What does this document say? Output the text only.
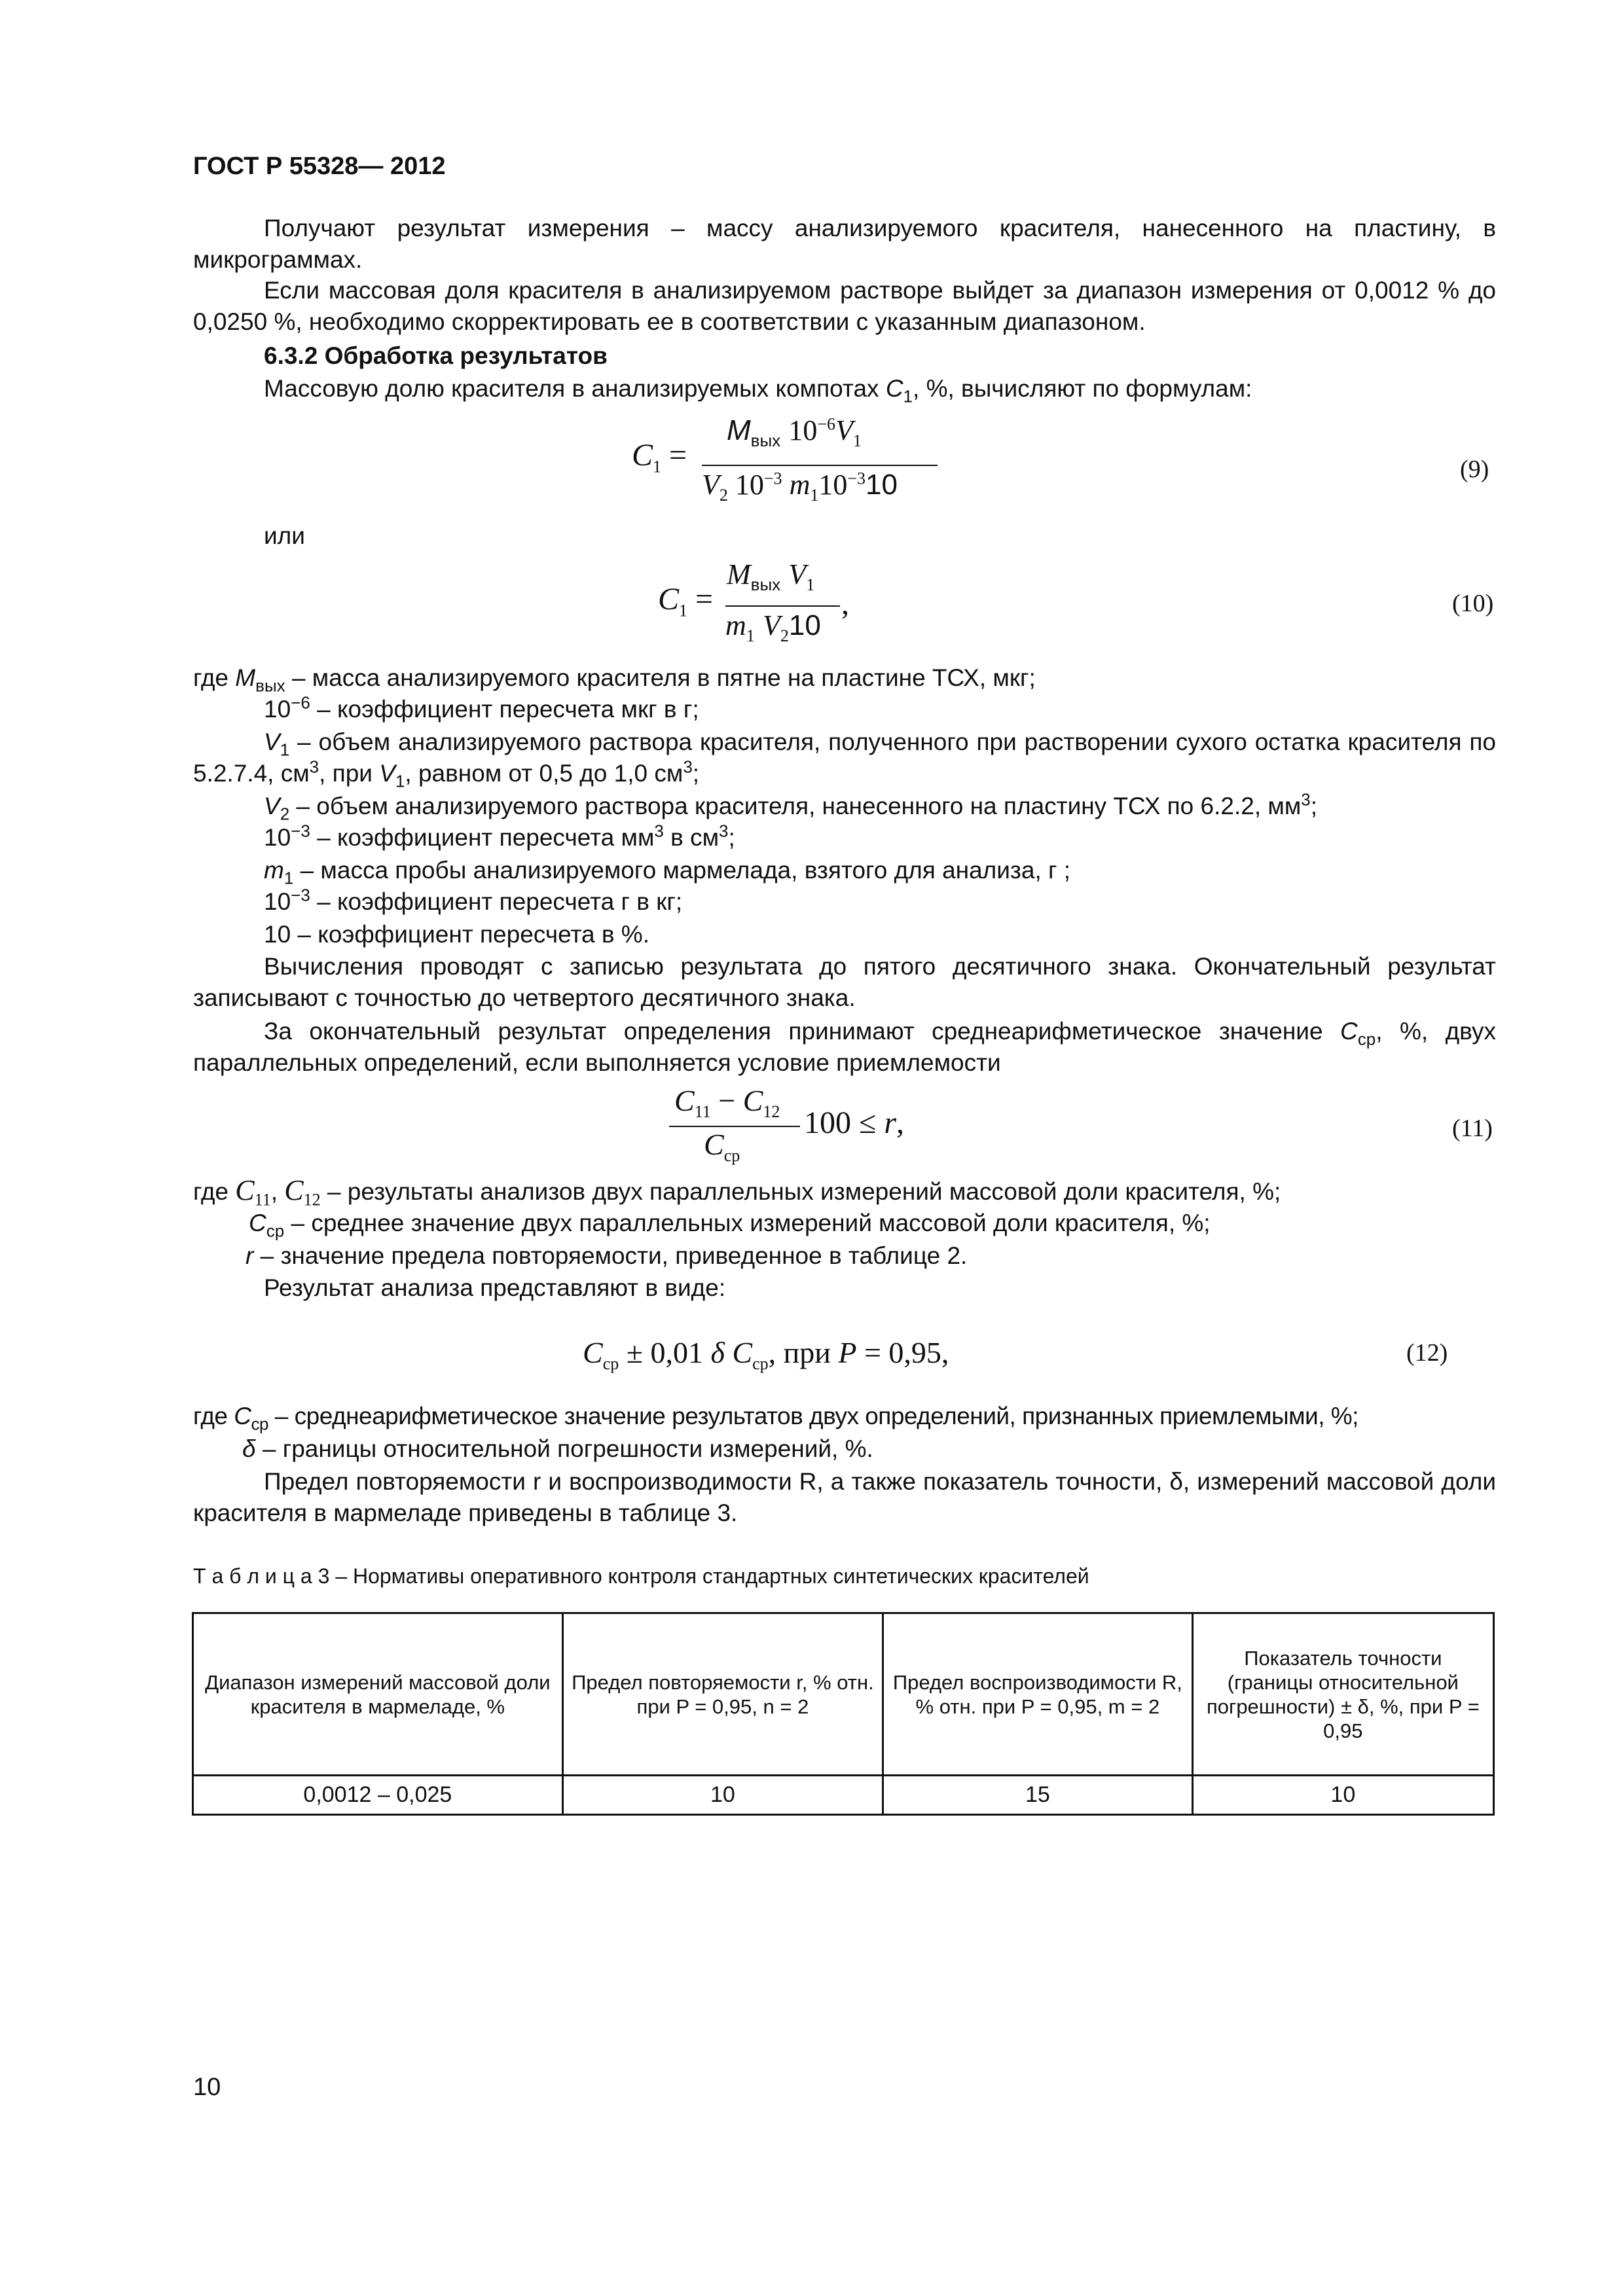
ГОСТ Р 55328— 2012
Получают результат измерения – массу анализируемого красителя, нанесенного на пластину, в микрограммах.
Если массовая доля красителя в анализируемом растворе выйдет за диапазон измерения от 0,0012 % до 0,0250 %, необходимо скорректировать ее в соответствии с указанным диапазоном.
6.3.2 Обработка результатов
Массовую долю красителя в анализируемых компотах $C_1$, %, вычисляют по формулам:
$C_1$ =
$M_{вых}$ $10^{-6}V_1$
$V_2$ $10^{-3}$ $m_110^{-3}10$	(9)
или
$C_1$ =
$M_{вых}$ $V_1$
$m_1$ $V_210$
,	(10)
где $M_{вых}$ – масса анализируемого красителя в пятне на пластине ТСХ, мкг;
$10^{-6}$ – коэффициент пересчета мкг в г;
$V_1$ – объем анализируемого раствора красителя, полученного при растворении сухого остатка красителя по 5.2.7.4, $см^3$, при $V_1$, равном от 0,5 до 1,0 $см^3$;
$V_2$ – объем анализируемого раствора красителя, нанесенного на пластину ТСХ по 6.2.2, $мм^3$;
$10^{-3}$ – коэффициент пересчета $мм^3$ в $см^3$;
$m_1$ – масса пробы анализируемого мармелада, взятого для анализа, г ;
$10^{-3}$ – коэффициент пересчета г в кг;
10 – коэффициент пересчета в %.
Вычисления проводят с записью результата до пятого десятичного знака. Окончательный результат записывают с точностью до четвертого десятичного знака.
За окончательный результат определения принимают среднеарифметическое значение $C_{ср}$, %, двух параллельных определений, если выполняется условие приемлемости
$C_{11} - C_{12}$
$C_{ср}$
100 ≤ r,	(11)
где $C_{11}$, $C_{12}$ – результаты анализов двух параллельных измерений массовой доли красителя, %;
$C_{ср}$ – среднее значение двух параллельных измерений массовой доли красителя, %;
r – значение предела повторяемости, приведенное в таблице 2.
Результат анализа представляют в виде:
$C_{ср} \pm 0,01$ δ $C_{ср}$, при P = 0,95,	(12)
где $C_{ср}$ – среднеарифметическое значение результатов двух определений, признанных приемлемыми, %;
δ – границы относительной погрешности измерений, %.
Предел повторяемости r и воспроизводимости R, а также показатель точности, δ, измерений массовой доли красителя в мармеладе приведены в таблице 3.
Т а б л и ц а 3 – Нормативы оперативного контроля стандартных синтетических красителей
Диапазон измерений массовой доли красителя в мармеладе, %	Предел повторяемости r, % отн. при P = 0,95, n = 2	Предел воспроизводимости R, % отн. при P = 0,95, m = 2	Показатель точности (границы относительной погрешности) ± δ, %, при P = 0,95
0,0012 – 0,025	10	15	10
10
